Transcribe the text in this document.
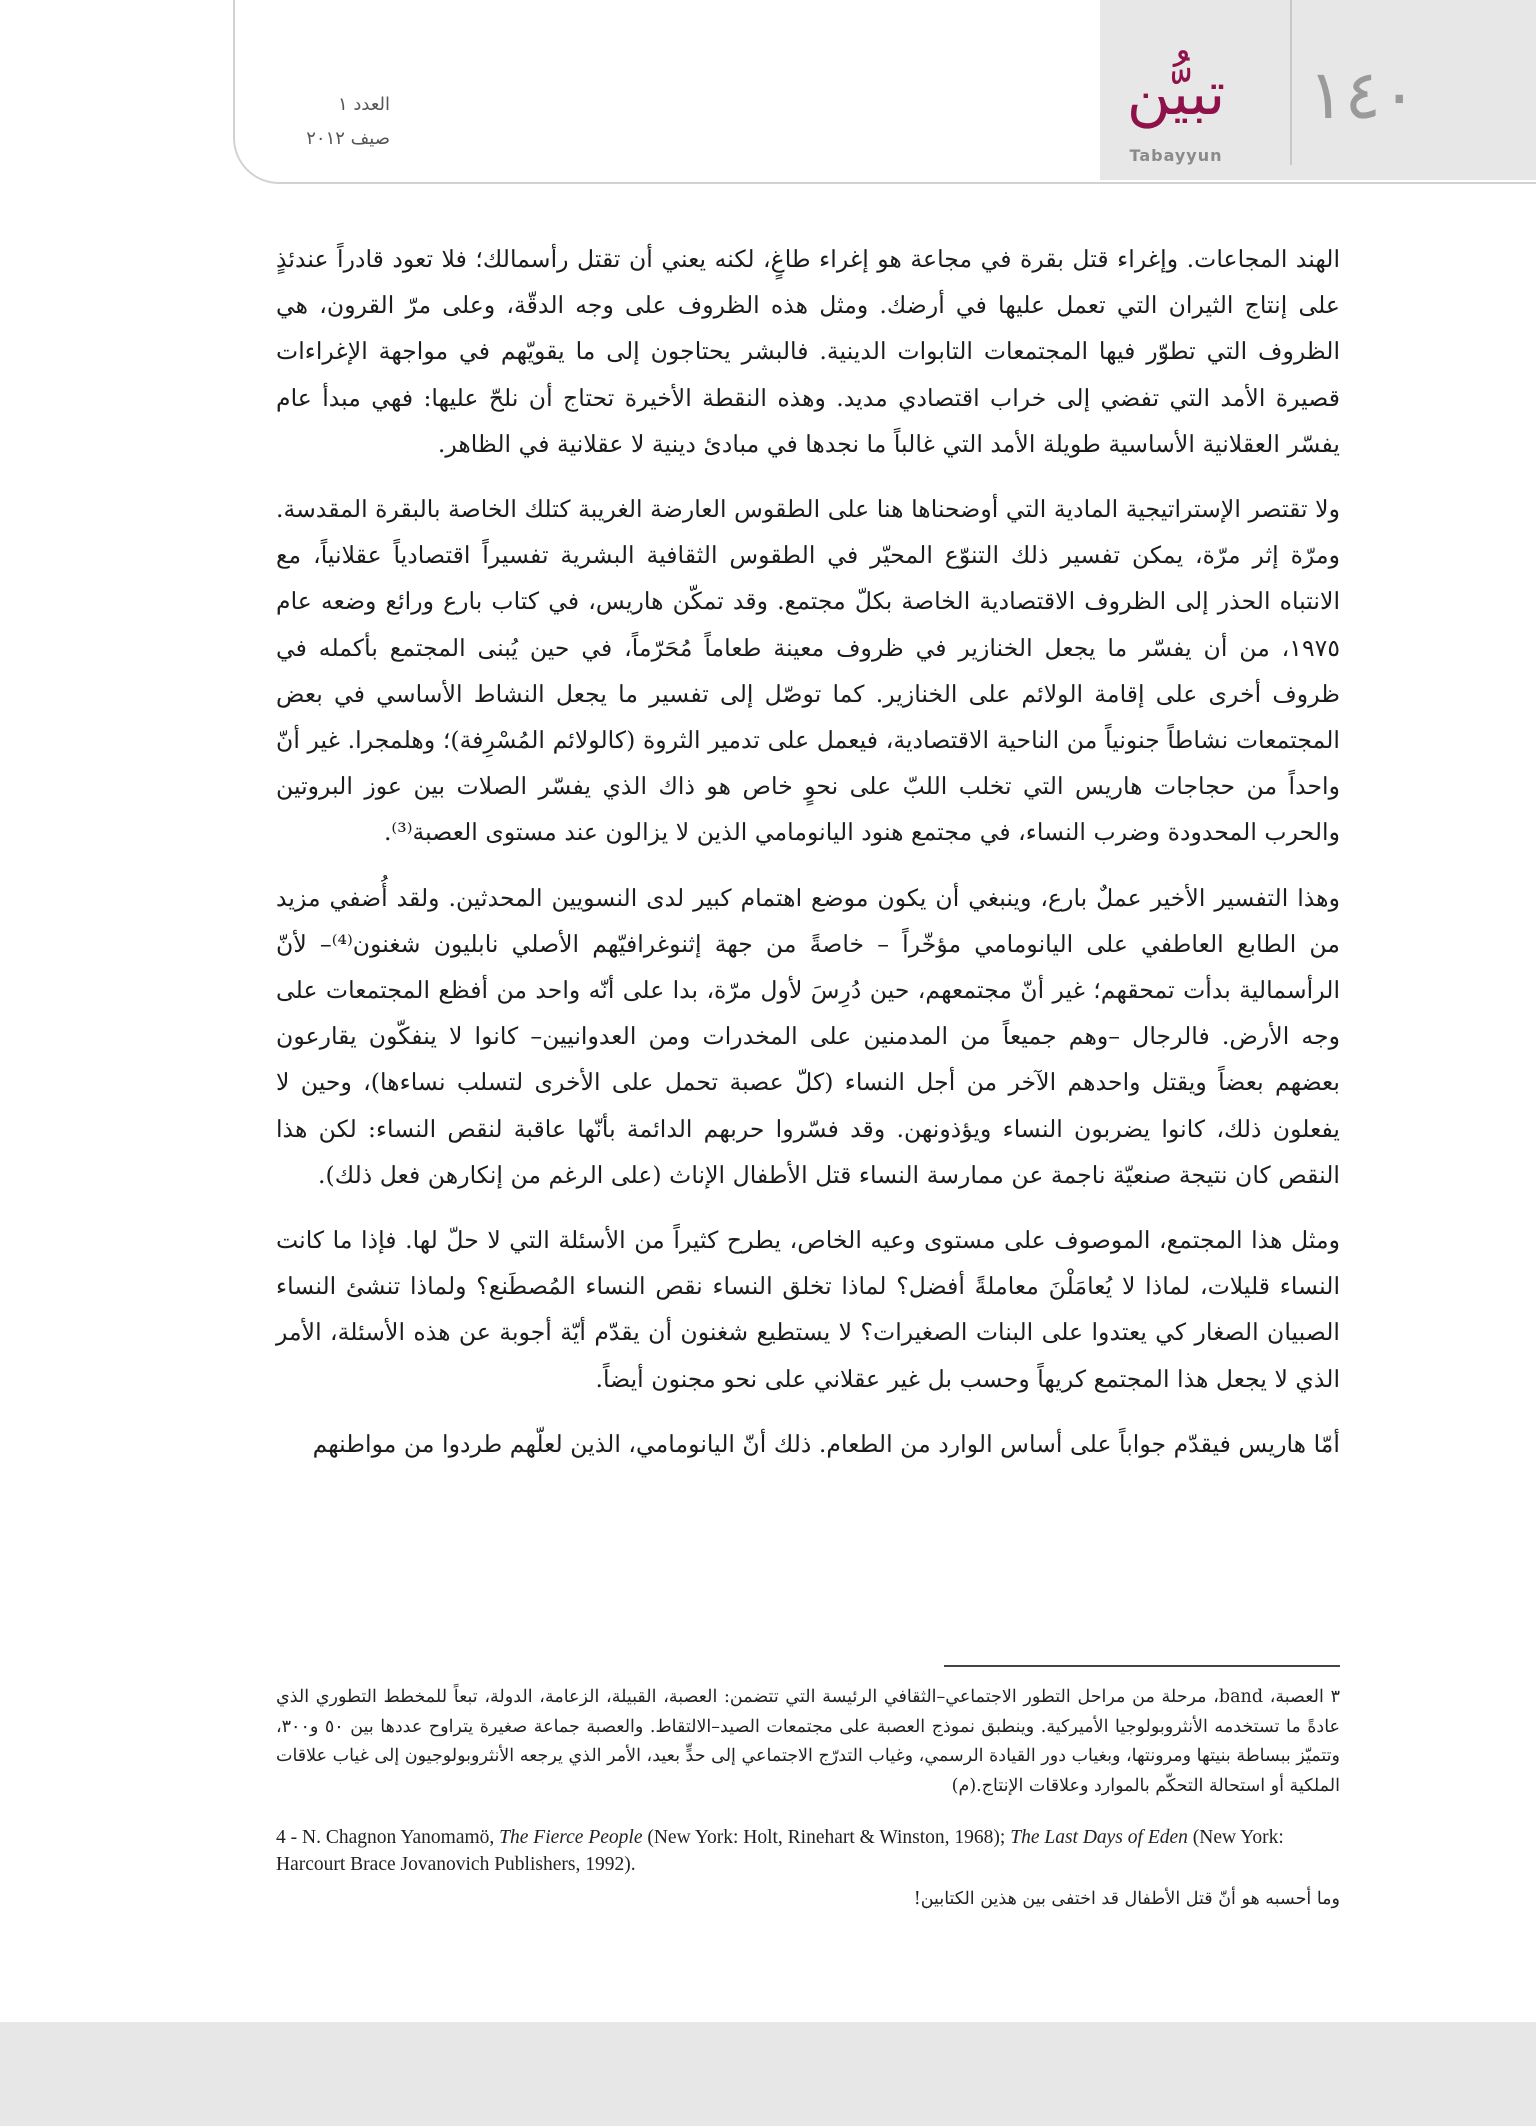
١٤٠
تبيُّن
Tabayyun
العدد ١
صيف ٢٠١٢

الهند المجاعات. وإغراء قتل بقرة في مجاعة هو إغراء طاغٍ، لكنه يعني أن تقتل رأسمالك؛ فلا تعود قادراً عندئذٍ على إنتاج الثيران التي تعمل عليها في أرضك. ومثل هذه الظروف على وجه الدقّة، وعلى مرّ القرون، هي الظروف التي تطوّر فيها المجتمعات التابوات الدينية. فالبشر يحتاجون إلى ما يقويّهم في مواجهة الإغراءات قصيرة الأمد التي تفضي إلى خراب اقتصادي مديد. وهذه النقطة الأخيرة تحتاج أن نلحّ عليها: فهي مبدأ عام يفسّر العقلانية الأساسية طويلة الأمد التي غالباً ما نجدها في مبادئ دينية لا عقلانية في الظاهر.

ولا تقتصر الإستراتيجية المادية التي أوضحناها هنا على الطقوس العارضة الغريبة كتلك الخاصة بالبقرة المقدسة. ومرّة إثر مرّة، يمكن تفسير ذلك التنوّع المحيّر في الطقوس الثقافية البشرية تفسيراً اقتصادياً عقلانياً، مع الانتباه الحذر إلى الظروف الاقتصادية الخاصة بكلّ مجتمع. وقد تمكّن هاريس، في كتاب بارع ورائع وضعه عام ١٩٧٥، من أن يفسّر ما يجعل الخنازير في ظروف معينة طعاماً مُحَرّماً، في حين يُبنى المجتمع بأكمله في ظروف أخرى على إقامة الولائم على الخنازير. كما توصّل إلى تفسير ما يجعل النشاط الأساسي في بعض المجتمعات نشاطاً جنونياً من الناحية الاقتصادية، فيعمل على تدمير الثروة (كالولائم المُسْرِفة)؛ وهلمجرا. غير أنّ واحداً من حجاجات هاريس التي تخلب اللبّ على نحوٍ خاص هو ذاك الذي يفسّر الصلات بين عوز البروتين والحرب المحدودة وضرب النساء، في مجتمع هنود اليانومامي الذين لا يزالون عند مستوى العصبة⁽³⁾.

وهذا التفسير الأخير عملٌ بارع، وينبغي أن يكون موضع اهتمام كبير لدى النسويين المحدثين. ولقد أُضفي مزيد من الطابع العاطفي على اليانومامي مؤخّراً – خاصةً من جهة إثنوغرافيّهم الأصلي نابليون شغنون⁽⁴⁾– لأنّ الرأسمالية بدأت تمحقهم؛ غير أنّ مجتمعهم، حين دُرِسَ لأول مرّة، بدا على أنّه واحد من أفظع المجتمعات على وجه الأرض. فالرجال –وهم جميعاً من المدمنين على المخدرات ومن العدوانيين– كانوا لا ينفكّون يقارعون بعضهم بعضاً ويقتل واحدهم الآخر من أجل النساء (كلّ عصبة تحمل على الأخرى لتسلب نساءها)، وحين لا يفعلون ذلك، كانوا يضربون النساء ويؤذونهن. وقد فسّروا حربهم الدائمة بأنّها عاقبة لنقص النساء: لكن هذا النقص كان نتيجة صنعيّة ناجمة عن ممارسة النساء قتل الأطفال الإناث (على الرغم من إنكارهن فعل ذلك).

ومثل هذا المجتمع، الموصوف على مستوى وعيه الخاص، يطرح كثيراً من الأسئلة التي لا حلّ لها. فإذا ما كانت النساء قليلات، لماذا لا يُعامَلْنَ معاملةً أفضل؟ لماذا تخلق النساء نقص النساء المُصطَنع؟ ولماذا تنشئ النساء الصبيان الصغار كي يعتدوا على البنات الصغيرات؟ لا يستطيع شغنون أن يقدّم أيّة أجوبة عن هذه الأسئلة، الأمر الذي لا يجعل هذا المجتمع كريهاً وحسب بل غير عقلاني على نحو مجنون أيضاً.

أمّا هاريس فيقدّم جواباً على أساس الوارد من الطعام. ذلك أنّ اليانومامي، الذين لعلّهم طردوا من مواطنهم

٣ العصبة، band، مرحلة من مراحل التطور الاجتماعي–الثقافي الرئيسة التي تتضمن: العصبة، القبيلة، الزعامة، الدولة، تبعاً للمخطط التطوري الذي عادةً ما تستخدمه الأنثروبولوجيا الأميركية. وينطبق نموذج العصبة على مجتمعات الصيد–الالتقاط. والعصبة جماعة صغيرة يتراوح عددها بين ٥٠ و٣٠٠، وتتميّز ببساطة بنيتها ومرونتها، وبغياب دور القيادة الرسمي، وغياب التدرّج الاجتماعي إلى حدٍّ بعيد، الأمر الذي يرجعه الأنثروبولوجيون إلى غياب علاقات الملكية أو استحالة التحكّم بالموارد وعلاقات الإنتاج.(م)
4 - N. Chagnon Yanomamö, The Fierce People (New York: Holt, Rinehart & Winston, 1968); The Last Days of Eden (New York: Harcourt Brace Jovanovich Publishers, 1992).
وما أحسبه هو أنّ قتل الأطفال قد اختفى بين هذين الكتابين!
